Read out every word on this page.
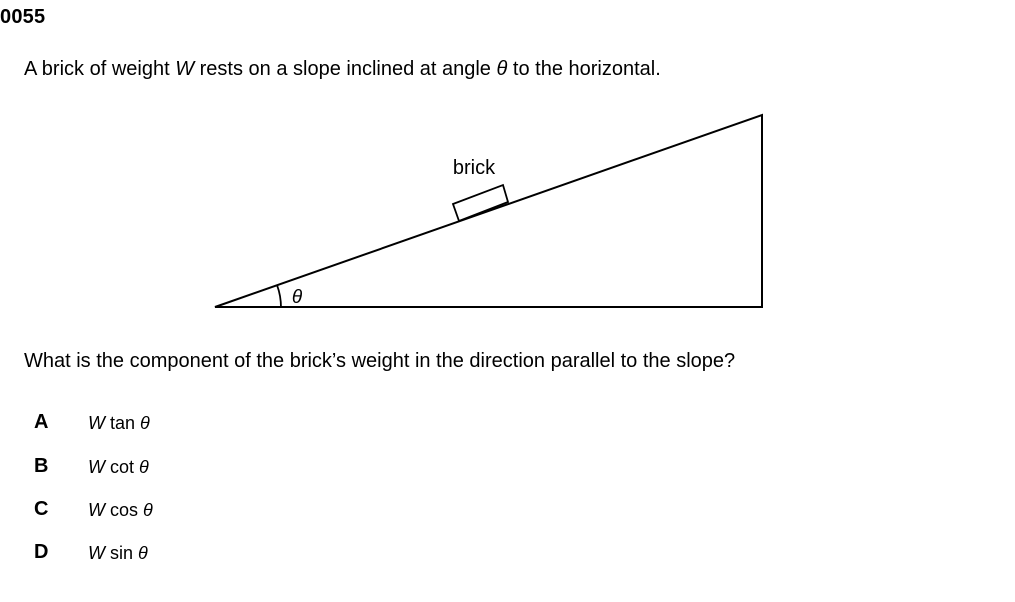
0055
A brick of weight W rests on a slope inclined at angle θ to the horizontal.
brick
θ
What is the component of the brick’s weight in the direction parallel to the slope?
A W tan θ
B W cot θ
C W cos θ
D W sin θ
